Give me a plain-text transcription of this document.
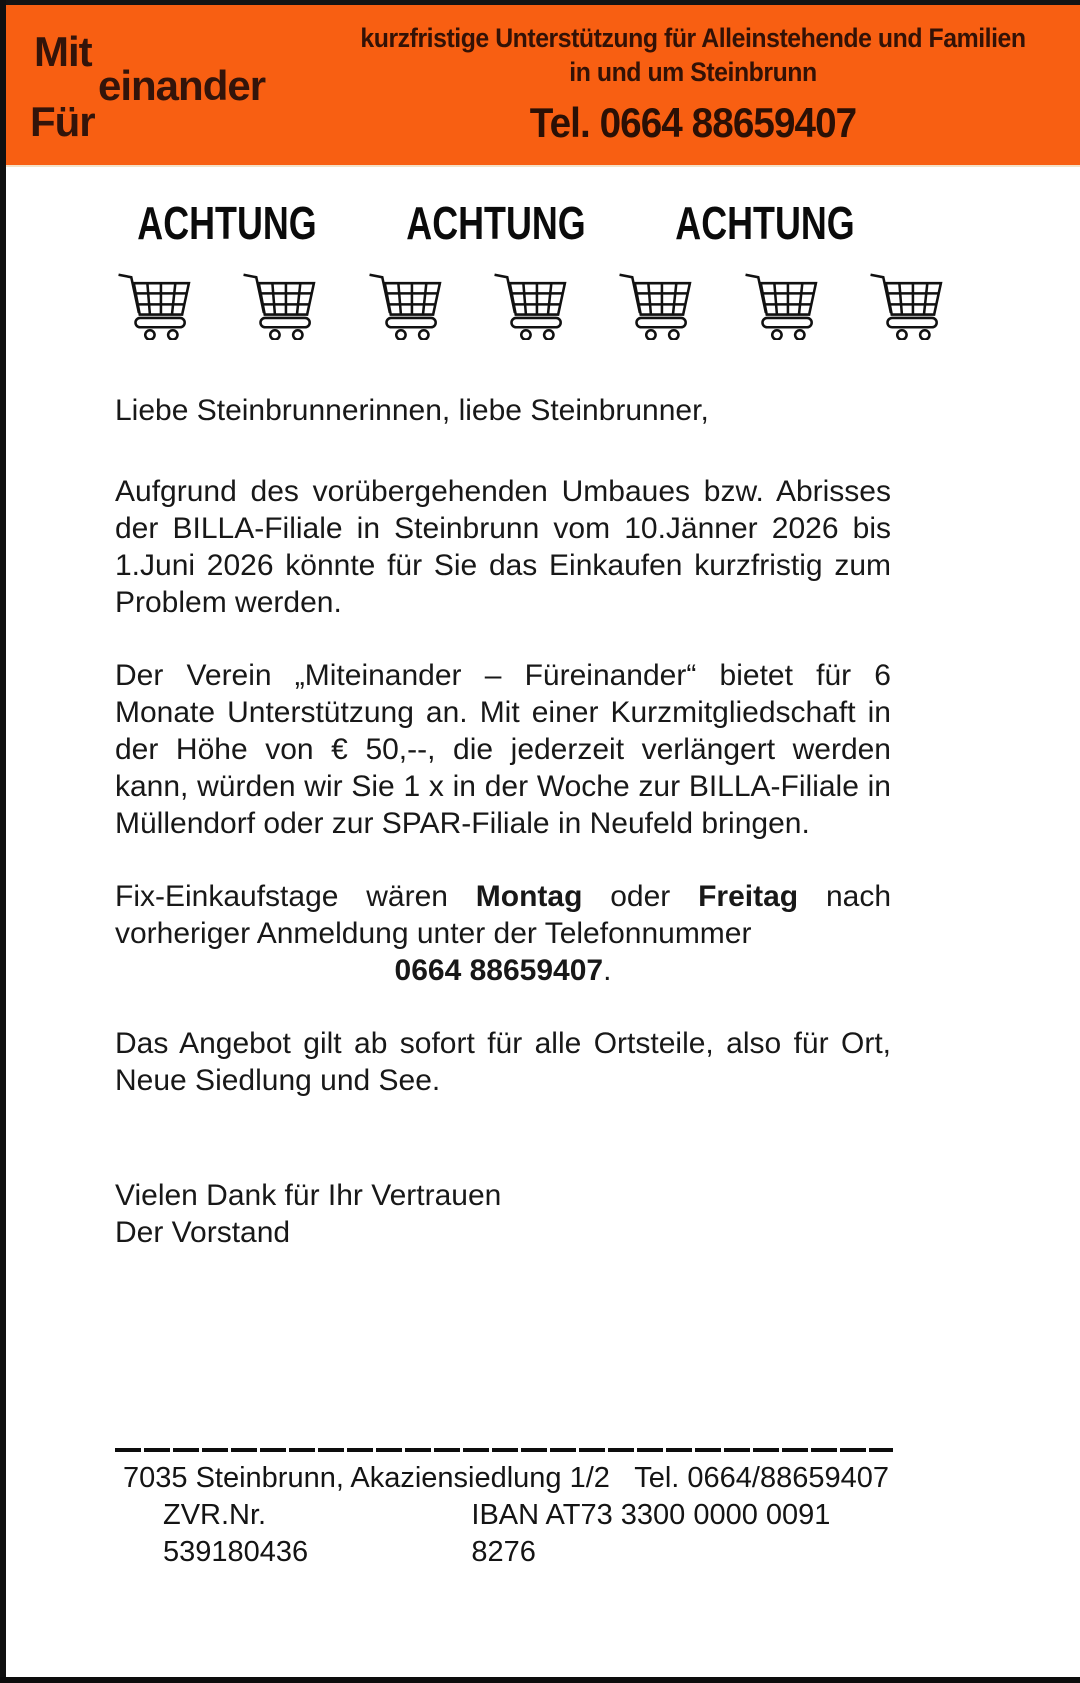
Mit
einander
Für
kurzfristige Unterstützung für Alleinstehende und Familien
in und um Steinbrunn
Tel. 0664 88659407
ACHTUNG ACHTUNG ACHTUNG

Liebe Steinbrunnerinnen, liebe Steinbrunner,

Aufgrund des vorübergehenden Umbaues bzw. Abrisses der BILLA-Filiale in Steinbrunn vom 10.Jänner 2026 bis 1.Juni 2026 könnte für Sie das Einkaufen kurzfristig zum Problem werden.

Der Verein „Miteinander – Füreinander“ bietet für 6 Monate Unterstützung an. Mit einer Kurzmitgliedschaft in der Höhe von € 50,--, die jederzeit verlängert werden kann, würden wir Sie 1 x in der Woche zur BILLA-Filiale in Müllendorf oder zur SPAR-Filiale in Neufeld bringen.

Fix-Einkaufstage wären Montag oder Freitag nach vorheriger Anmeldung unter der Telefonnummer

0664 88659407.

Das Angebot gilt ab sofort für alle Ortsteile, also für Ort, Neue Siedlung und See.

Vielen Dank für Ihr Vertrauen

Der Vorstand

7035 Steinbrunn, Akaziensiedlung 1/2 Tel. 0664/88659407
ZVR.Nr. 539180436
IBAN AT73 3300 0000 0091 8276
